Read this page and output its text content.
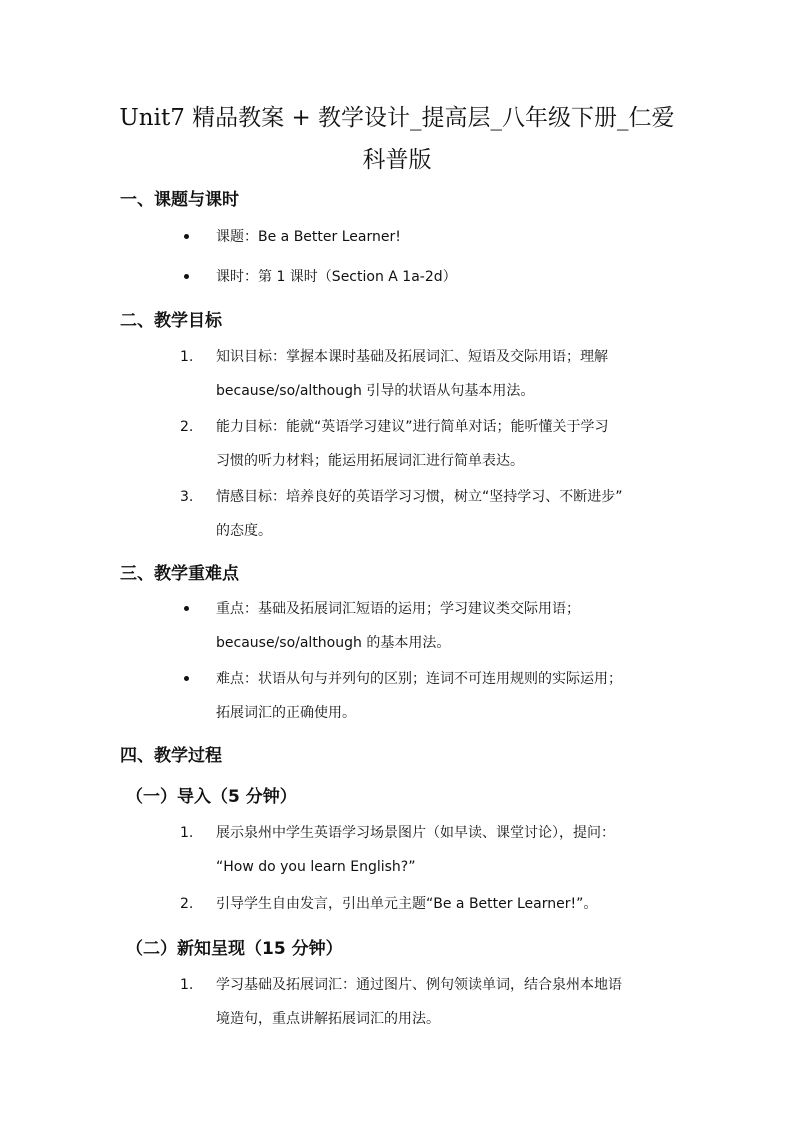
Unit7 精品教案 + 教学设计_提高层_八年级下册_仁爱
科普版
一、课题与课时
课题：Be a Better Learner!
课时：第 1 课时（Section A 1a-2d）
二、教学目标
1.	知识目标：掌握本课时基础及拓展词汇、短语及交际用语；理解
because/so/although 引导的状语从句基本用法。
2.	能力目标：能就“英语学习建议”进行简单对话；能听懂关于学习
习惯的听力材料；能运用拓展词汇进行简单表达。
3.	情感目标：培养良好的英语学习习惯，树立“坚持学习、不断进步”
的态度。
三、教学重难点
重点：基础及拓展词汇短语的运用；学习建议类交际用语；
because/so/although 的基本用法。
难点：状语从句与并列句的区别；连词不可连用规则的实际运用；
拓展词汇的正确使用。
四、教学过程
（一）导入（5 分钟）
1.	展示泉州中学生英语学习场景图片（如早读、课堂讨论），提问：
“How do you learn English?”
2.	引导学生自由发言，引出单元主题“Be a Better Learner!”。
（二）新知呈现（15 分钟）
1.	学习基础及拓展词汇：通过图片、例句领读单词，结合泉州本地语
境造句，重点讲解拓展词汇的用法。
